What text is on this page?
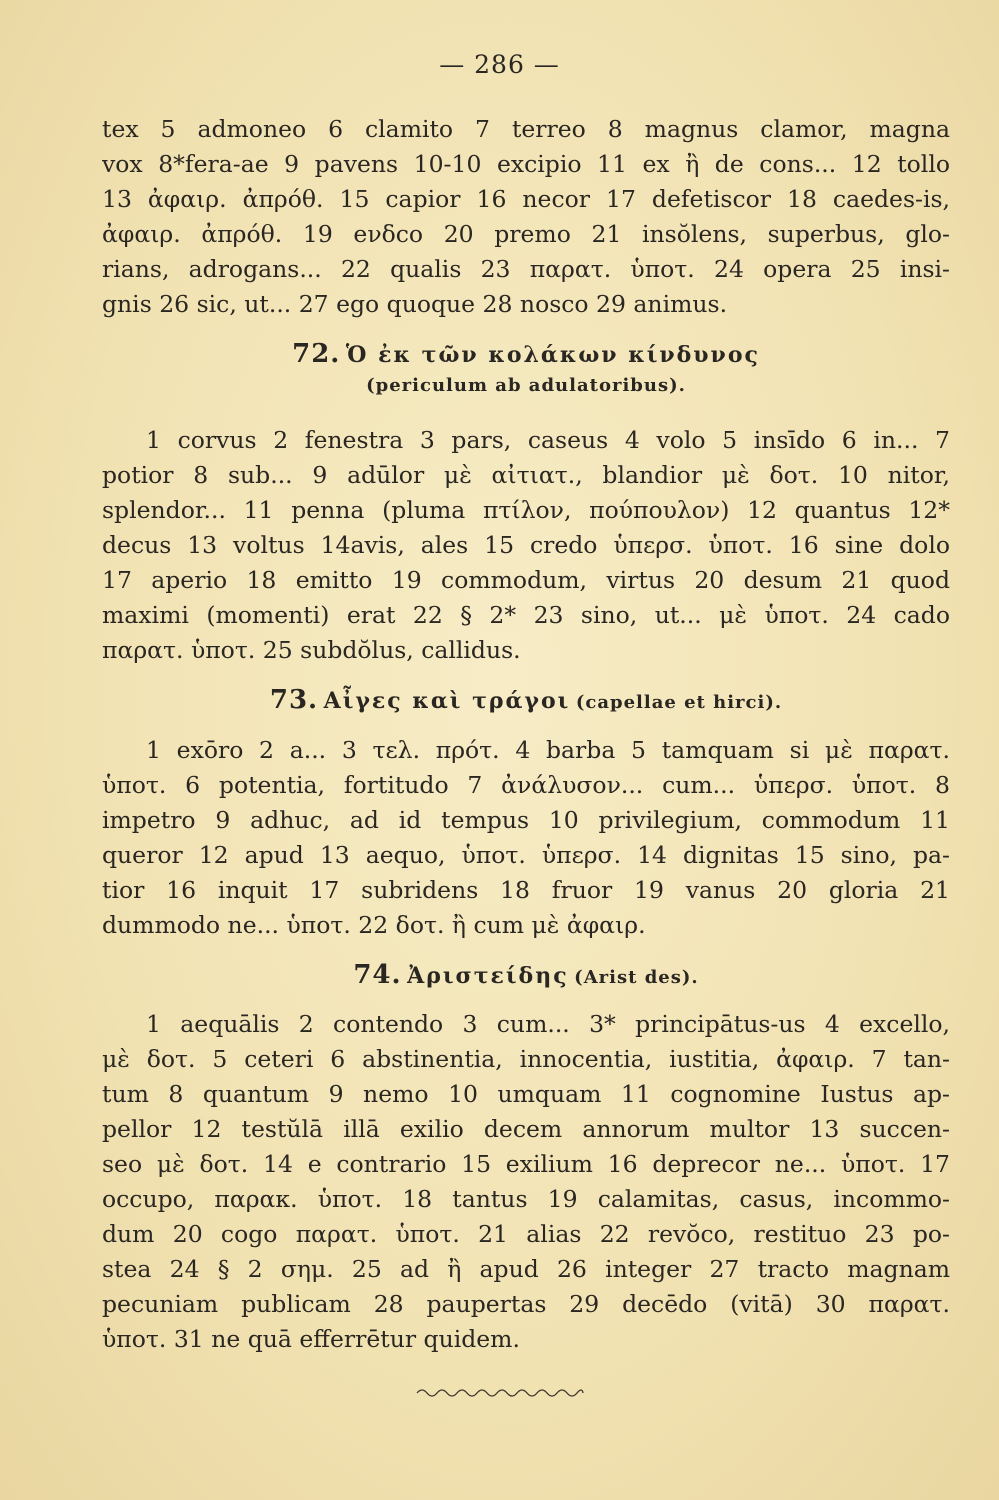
— 286 —
tex 5 admoneo 6 clamito 7 terreo 8 magnus clamor, magna
vox 8*fera-ae 9 pavens 10-10 excipio 11 ex ἢ de cons... 12 tollo
13 ἀφαιρ. ἀπρόθ. 15 capior 16 necor 17 defetiscor 18 caedes-is,
ἀφαιρ. ἀπρόθ. 19 eνδco 20 premo 21 insŏlens, superbus, glo-
rians, adrogans... 22 qualis 23 παρατ. ὑποτ. 24 opera 25 insi-
gnis 26 sic, ut... 27 ego quoque 28 nosco 29 animus.
72. Ὁ ἐκ τῶν κολάκων κίνδυνος
(periculum ab adulatoribus).
1 corvus 2 fenestra 3 pars, caseus 4 volo 5 insīdo 6 in... 7
potior 8 sub... 9 adūlor μὲ αἰτιατ., blandior μὲ δοτ. 10 nitor,
splendor... 11 penna (pluma πτίλον, πούπουλον) 12 quantus 12*
decus 13 voltus 14avis, ales 15 credo ὑπερσ. ὑποτ. 16 sine dolo
17 aperio 18 emitto 19 commodum, virtus 20 desum 21 quod
maximi (momenti) erat 22 § 2* 23 sino, ut... μὲ ὑποτ. 24 cado
παρατ. ὑποτ. 25 subdŏlus, callidus.
73. Αἶγες καὶ τράγοι (capellae et hirci).
1 exōro 2 a... 3 τελ. πρότ. 4 barba 5 tamquam si μὲ παρατ.
ὑποτ. 6 potentia, fortitudo 7 ἀνάλυσον... cum... ὑπερσ. ὑποτ. 8
impetro 9 adhuc, ad id tempus 10 privilegium, commodum 11
queror 12 apud 13 aequo, ὑποτ. ὑπερσ. 14 dignitas 15 sino, pa-
tior 16 inquit 17 subridens 18 fruor 19 vanus 20 gloria 21
dummodo ne... ὑποτ. 22 δοτ. ἢ cum μὲ ἀφαιρ.
74. Ἀριστείδης (Arist des).
1 aequālis 2 contendo 3 cum... 3* principātus-us 4 excello,
μὲ δοτ. 5 ceteri 6 abstinentia, innocentia, iustitia, ἀφαιρ. 7 tan-
tum 8 quantum 9 nemo 10 umquam 11 cognomine Iustus ap-
pellor 12 testŭlā illā exilio decem annorum multor 13 succen-
seo μὲ δοτ. 14 e contrario 15 exilium 16 deprecor ne... ὑποτ. 17
occupo, παρακ. ὑποτ. 18 tantus 19 calamitas, casus, incommo-
dum 20 cogo παρατ. ὑποτ. 21 alias 22 revŏco, restituo 23 po-
stea 24 § 2 σημ. 25 ad ἢ apud 26 integer 27 tracto magnam
pecuniam publicam 28 paupertas 29 decēdo (vitā) 30 παρατ.
ὑποτ. 31 ne quā efferrētur quidem.
